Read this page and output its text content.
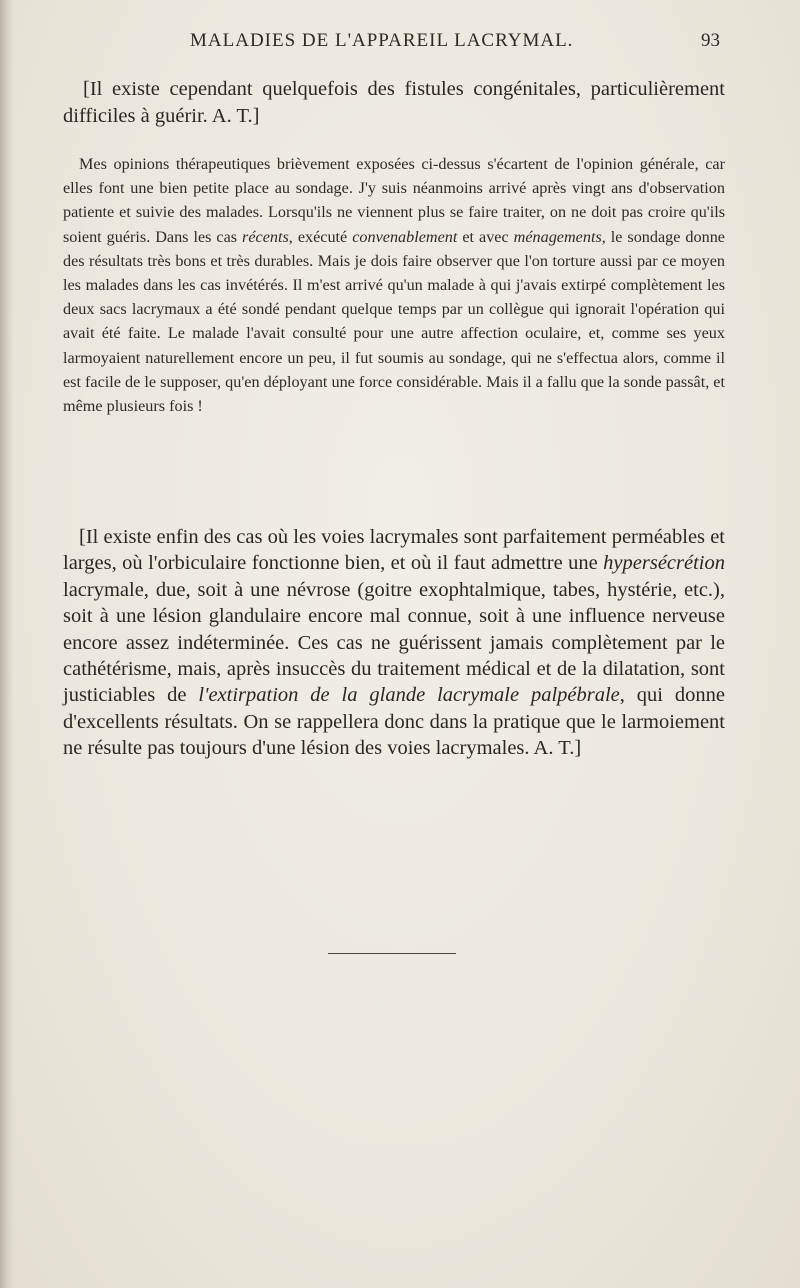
MALADIES DE L'APPAREIL LACRYMAL.	93

[Il existe cependant quelquefois des fistules congénitales, particulièrement difficiles à guérir. A. T.]

Mes opinions thérapeutiques brièvement exposées ci-dessus s'écartent de l'opinion générale, car elles font une bien petite place au sondage. J'y suis néanmoins arrivé après vingt ans d'observation patiente et suivie des malades. Lorsqu'ils ne viennent plus se faire traiter, on ne doit pas croire qu'ils soient guéris. Dans les cas récents, exécuté convenablement et avec ménagements, le sondage donne des résultats très bons et très durables. Mais je dois faire observer que l'on torture aussi par ce moyen les malades dans les cas invétérés. Il m'est arrivé qu'un malade à qui j'avais extirpé complètement les deux sacs lacrymaux a été sondé pendant quelque temps par un collègue qui ignorait l'opération qui avait été faite. Le malade l'avait consulté pour une autre affection oculaire, et, comme ses yeux larmoyaient naturellement encore un peu, il fut soumis au sondage, qui ne s'effectua alors, comme il est facile de le supposer, qu'en déployant une force considérable. Mais il a fallu que la sonde passât, et même plusieurs fois !

[Il existe enfin des cas où les voies lacrymales sont parfaitement perméables et larges, où l'orbiculaire fonctionne bien, et où il faut admettre une hypersécrétion lacrymale, due, soit à une névrose (goitre exophtalmique, tabes, hystérie, etc.), soit à une lésion glandulaire encore mal connue, soit à une influence nerveuse encore assez indéterminée. Ces cas ne guérissent jamais complètement par le cathétérisme, mais, après insuccès du traitement médical et de la dilatation, sont justiciables de l'extirpation de la glande lacrymale palpébrale, qui donne d'excellents résultats. On se rappellera donc dans la pratique que le larmoiement ne résulte pas toujours d'une lésion des voies lacrymales. A. T.]
